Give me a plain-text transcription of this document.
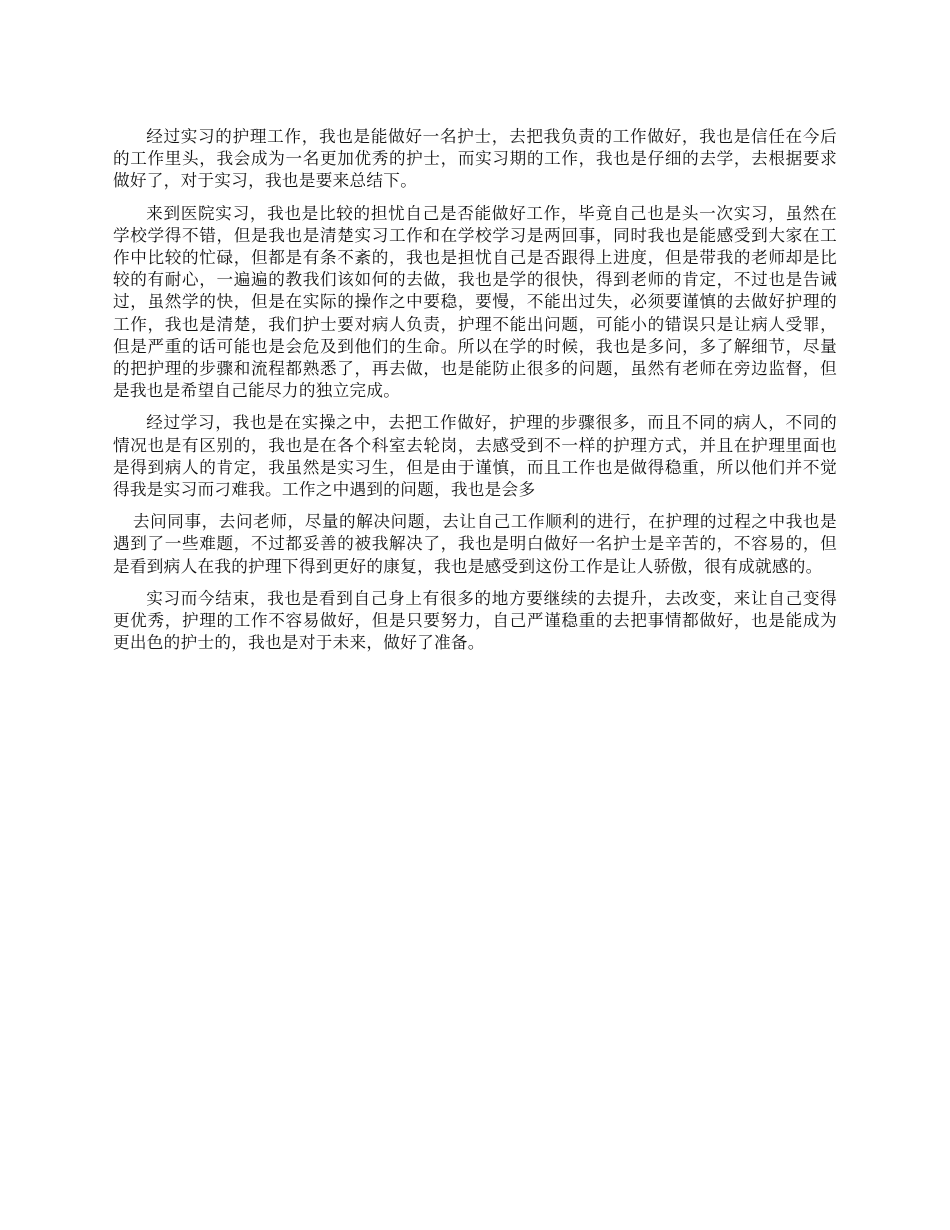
经过实习的护理工作，我也是能做好一名护士，去把我负责的工作做好，我也是信任在今后的工作里头，我会成为一名更加优秀的护士，而实习期的工作，我也是仔细的去学，去根据要求做好了，对于实习，我也是要来总结下。

来到医院实习，我也是比较的担忧自己是否能做好工作，毕竟自己也是头一次实习，虽然在学校学得不错，但是我也是清楚实习工作和在学校学习是两回事，同时我也是能感受到大家在工作中比较的忙碌，但都是有条不紊的，我也是担忧自己是否跟得上进度，但是带我的老师却是比较的有耐心，一遍遍的教我们该如何的去做，我也是学的很快，得到老师的肯定，不过也是告诫过，虽然学的快，但是在实际的操作之中要稳，要慢，不能出过失，必须要谨慎的去做好护理的工作，我也是清楚，我们护士要对病人负责，护理不能出问题，可能小的错误只是让病人受罪，但是严重的话可能也是会危及到他们的生命。所以在学的时候，我也是多问，多了解细节，尽量的把护理的步骤和流程都熟悉了，再去做，也是能防止很多的问题，虽然有老师在旁边监督，但是我也是希望自己能尽力的独立完成。

经过学习，我也是在实操之中，去把工作做好，护理的步骤很多，而且不同的病人，不同的情况也是有区别的，我也是在各个科室去轮岗，去感受到不一样的护理方式，并且在护理里面也是得到病人的肯定，我虽然是实习生，但是由于谨慎，而且工作也是做得稳重，所以他们并不觉得我是实习而刁难我。工作之中遇到的问题，我也是会多

去问同事，去问老师，尽量的解决问题，去让自己工作顺利的进行，在护理的过程之中我也是遇到了一些难题，不过都妥善的被我解决了，我也是明白做好一名护士是辛苦的，不容易的，但是看到病人在我的护理下得到更好的康复，我也是感受到这份工作是让人骄傲，很有成就感的。

实习而今结束，我也是看到自己身上有很多的地方要继续的去提升，去改变，来让自己变得更优秀，护理的工作不容易做好，但是只要努力，自己严谨稳重的去把事情都做好，也是能成为更出色的护士的，我也是对于未来，做好了准备。
